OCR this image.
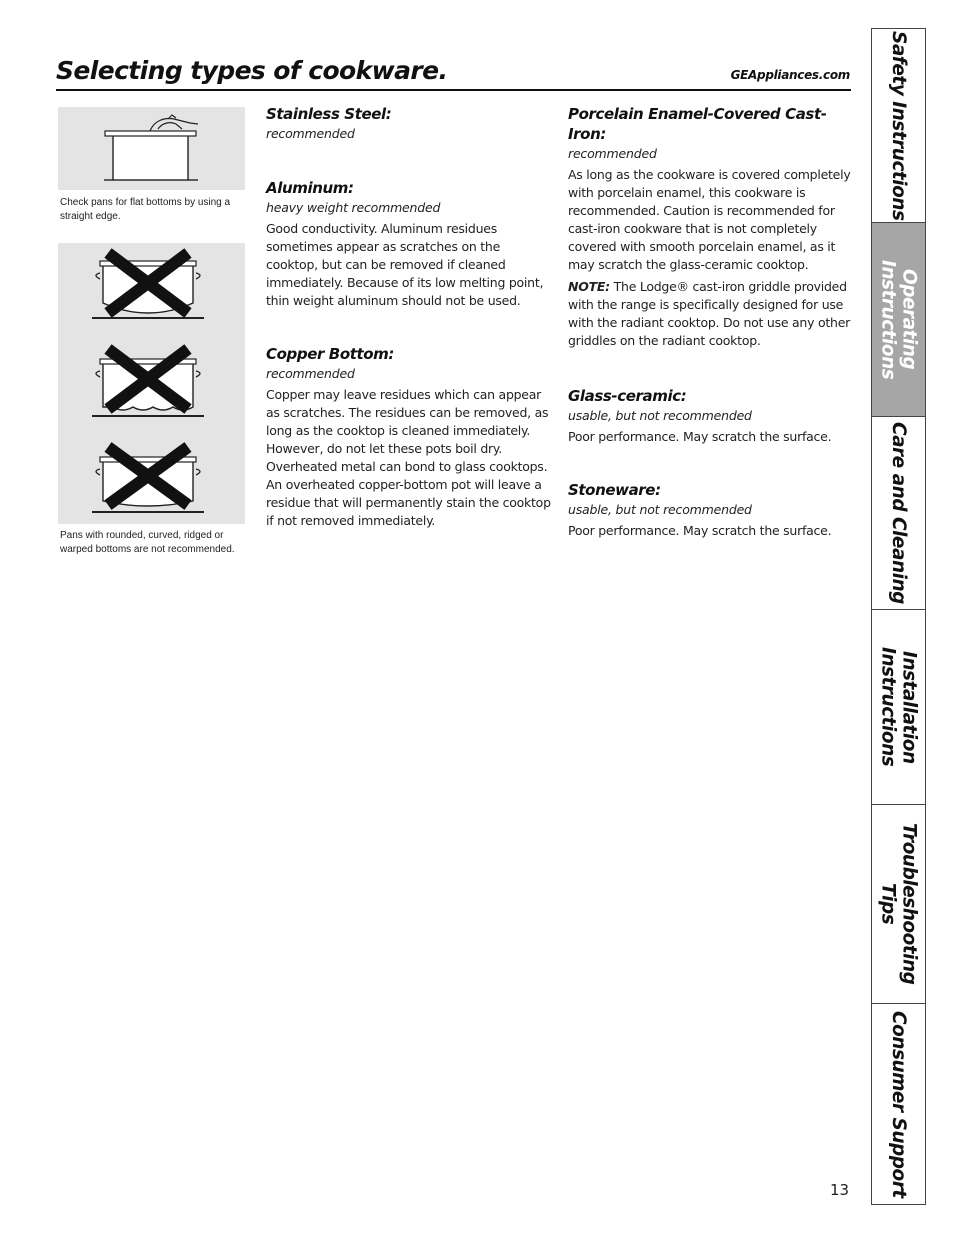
Selecting types of cookware.	GEAppliances.com
Check pans for flat bottoms by using a straight edge.
Pans with rounded, curved, ridged or warped bottoms are not recommended.
Stainless Steel:
recommended
Aluminum:
heavy weight recommended
Good conductivity. Aluminum residues sometimes appear as scratches on the cooktop, but can be removed if cleaned immediately. Because of its low melting point, thin weight aluminum should not be used.
Copper Bottom:
recommended
Copper may leave residues which can appear as scratches. The residues can be removed, as long as the cooktop is cleaned immediately. However, do not let these pots boil dry. Overheated metal can bond to glass cooktops. An overheated copper-bottom pot will leave a residue that will permanently stain the cooktop if not removed immediately.
Porcelain Enamel-Covered Cast-Iron:
recommended
As long as the cookware is covered completely with porcelain enamel, this cookware is recommended. Caution is recommended for cast-iron cookware that is not completely covered with smooth porcelain enamel, as it may scratch the glass-ceramic cooktop.
NOTE: The Lodge® cast-iron griddle provided with the range is specifically designed for use with the radiant cooktop. Do not use any other griddles on the radiant cooktop.
Glass-ceramic:
usable, but not recommended
Poor performance. May scratch the surface.
Stoneware:
usable, but not recommended
Poor performance. May scratch the surface.
Safety Instructions
Operating
Instructions
Care and Cleaning
Installation
Instructions
Troubleshooting
Tips
Consumer Support
13
